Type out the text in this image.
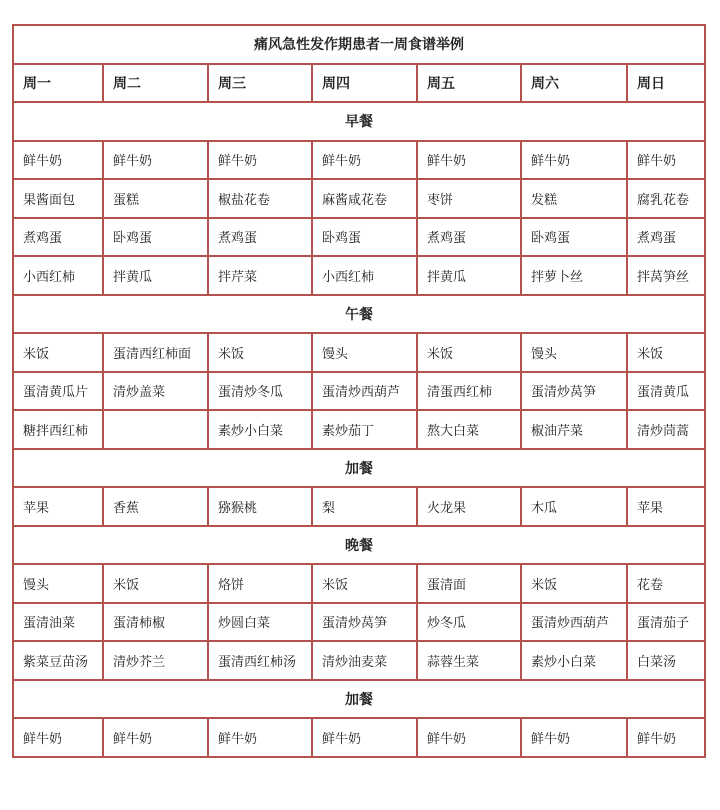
痛风急性发作期患者一周食谱举例						
周一	周二	周三	周四	周五	周六	周日
早餐						
鲜牛奶	鲜牛奶	鲜牛奶	鲜牛奶	鲜牛奶	鲜牛奶	鲜牛奶
果酱面包	蛋糕	椒盐花卷	麻酱咸花卷	枣饼	发糕	腐乳花卷
煮鸡蛋	卧鸡蛋	煮鸡蛋	卧鸡蛋	煮鸡蛋	卧鸡蛋	煮鸡蛋
小西红柿	拌黄瓜	拌芹菜	小西红柿	拌黄瓜	拌萝卜丝	拌莴笋丝
午餐						
米饭	蛋清西红柿面	米饭	馒头	米饭	馒头	米饭
蛋清黄瓜片	清炒盖菜	蛋清炒冬瓜	蛋清炒西葫芦	清蛋西红柿	蛋清炒莴笋	蛋清黄瓜
糖拌西红柿		素炒小白菜	素炒茄丁	熬大白菜	椒油芹菜	清炒茼蒿
加餐						
苹果	香蕉	猕猴桃	梨	火龙果	木瓜	苹果
晚餐						
馒头	米饭	烙饼	米饭	蛋清面	米饭	花卷
蛋清油菜	蛋清柿椒	炒圆白菜	蛋清炒莴笋	炒冬瓜	蛋清炒西葫芦	蛋清茄子
紫菜豆苗汤	清炒芥兰	蛋清西红柿汤	清炒油麦菜	蒜蓉生菜	素炒小白菜	白菜汤
加餐						
鲜牛奶	鲜牛奶	鲜牛奶	鲜牛奶	鲜牛奶	鲜牛奶	鲜牛奶
